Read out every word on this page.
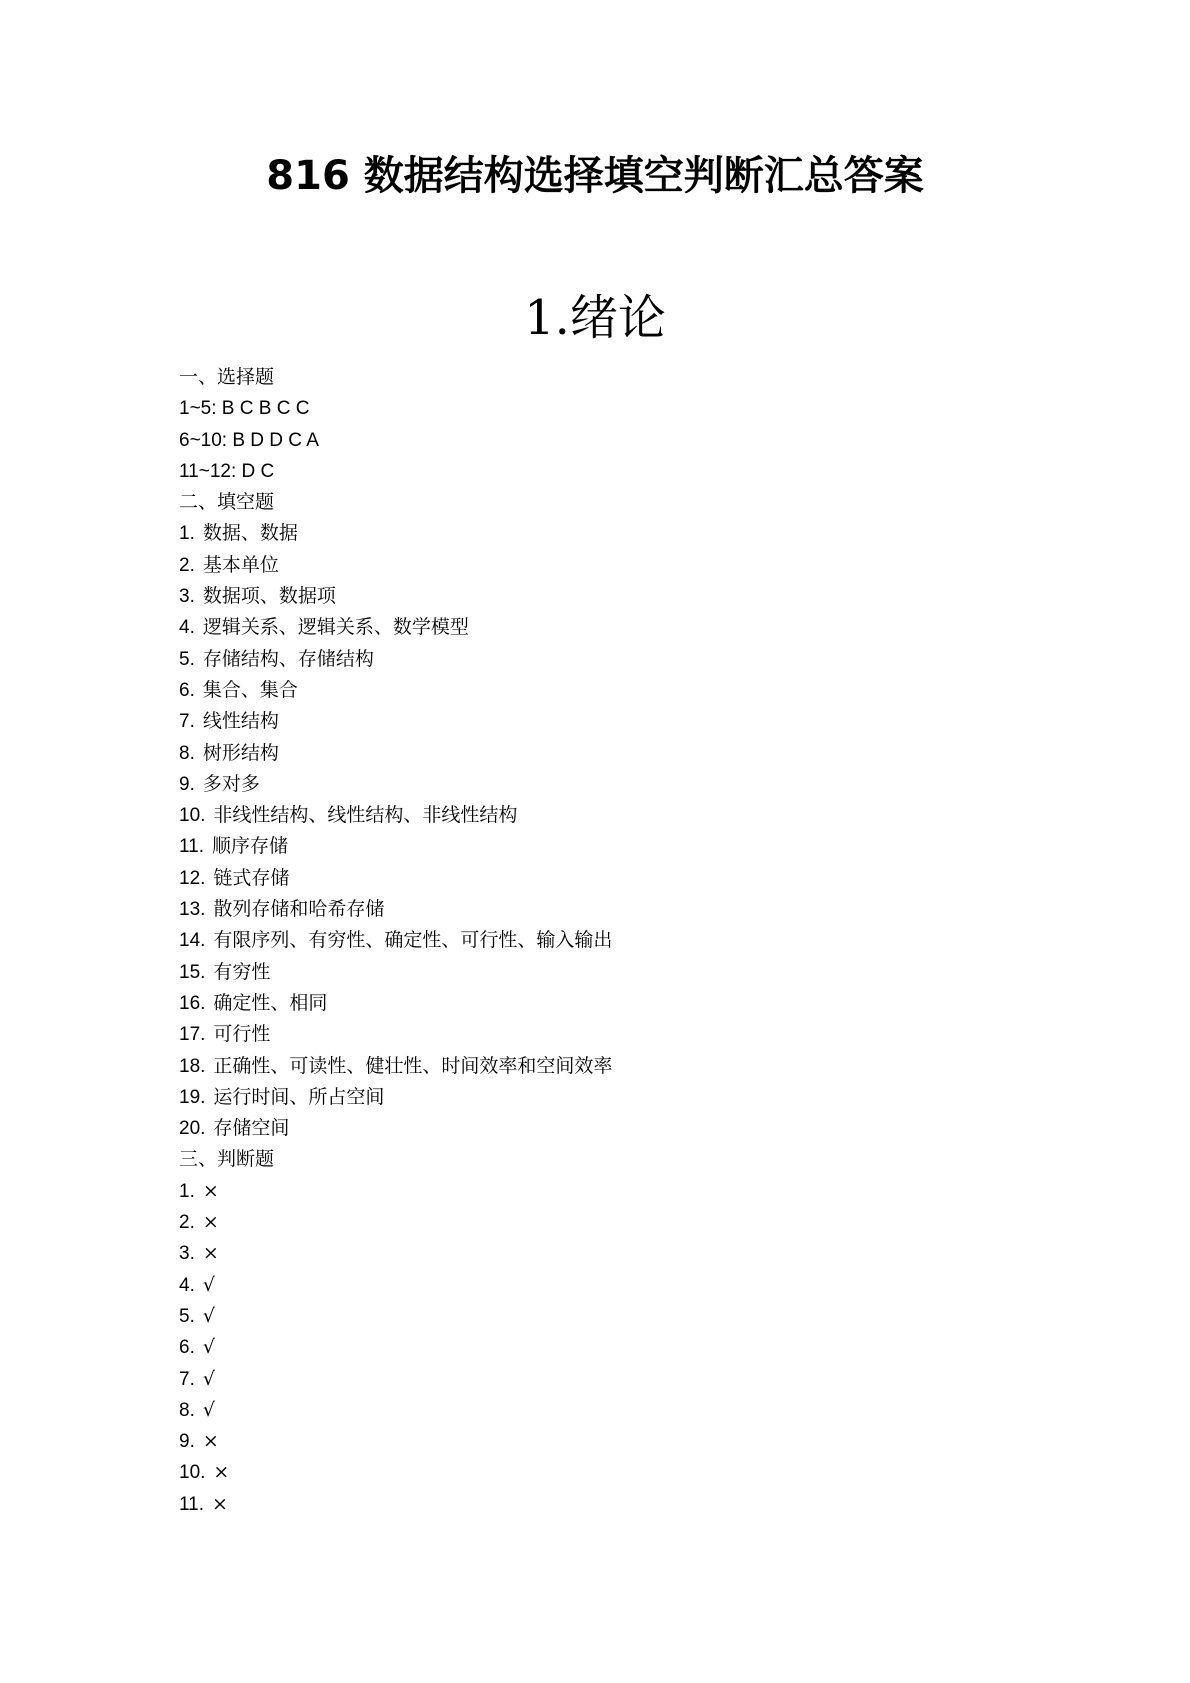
816 数据结构选择填空判断汇总答案
1.绪论
一、选择题
1~5: B C B C C
6~10: B D D C A
11~12: D C
二、填空题
1. 数据、数据
2. 基本单位
3. 数据项、数据项
4. 逻辑关系、逻辑关系、数学模型
5. 存储结构、存储结构
6. 集合、集合
7. 线性结构
8. 树形结构
9. 多对多
10. 非线性结构、线性结构、非线性结构
11. 顺序存储
12. 链式存储
13. 散列存储和哈希存储
14. 有限序列、有穷性、确定性、可行性、输入输出
15. 有穷性
16. 确定性、相同
17. 可行性
18. 正确性、可读性、健壮性、时间效率和空间效率
19. 运行时间、所占空间
20. 存储空间
三、判断题
1. ×
2. ×
3. ×
4. √
5. √
6. √
7. √
8. √
9. ×
10. ×
11. ×
